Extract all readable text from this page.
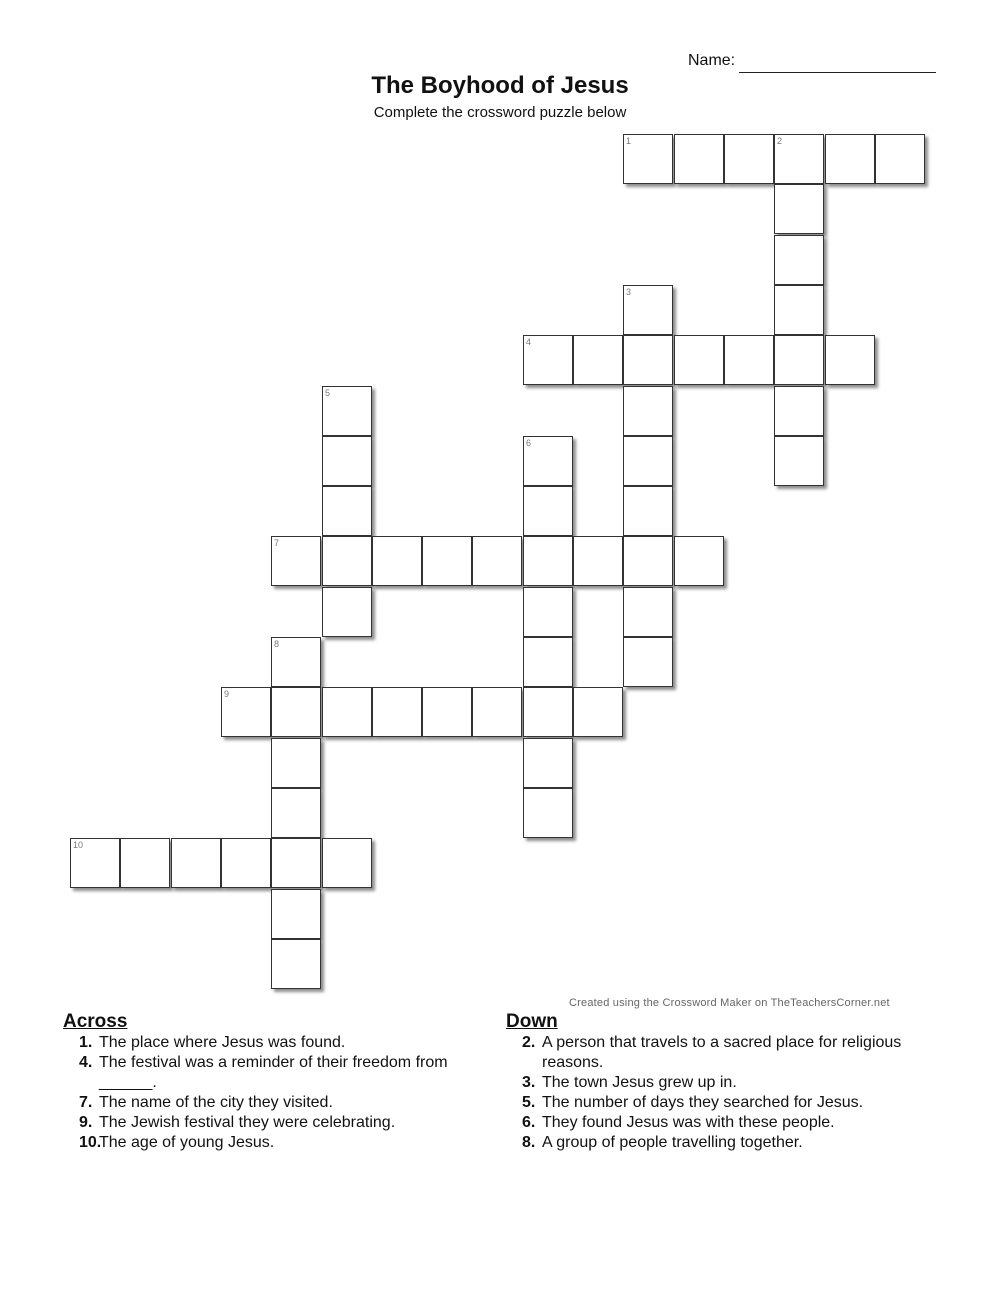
Name:
The Boyhood of Jesus
Complete the crossword puzzle below
1	2
3
4
5
6
7
8
9
10
Created using the Crossword Maker on TheTeachersCorner.net
Across
1. The place where Jesus was found.
4. The festival was a reminder of their freedom from ______.
7. The name of the city they visited.
9. The Jewish festival they were celebrating.
10.
The age of young Jesus.
Down
2. A person that travels to a sacred place for religious reasons.
3. The town Jesus grew up in.
5. The number of days they searched for Jesus.
6. They found Jesus was with these people.
8. A group of people travelling together.
